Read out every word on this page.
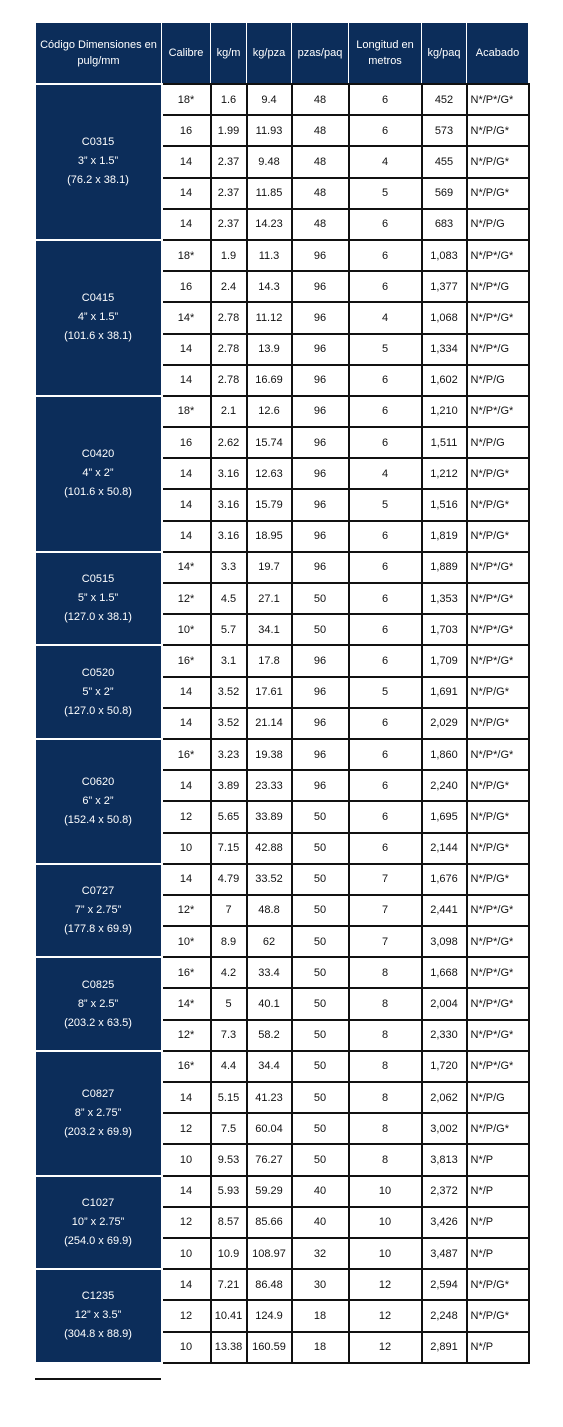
Código Dimensiones en pulg/mm	Calibre	kg/m	kg/pza	pzas/paq	Longitud en metros	kg/paq	Acabado

C0315
3” x 1.5”
(76.2 x 38.1)	18*	1.6	9.4	48	6	452	N*/P*/G*
	16	1.99	11.93	48	6	573	N*/P/G*
	14	2.37	9.48	48	4	455	N*/P/G*
	14	2.37	11.85	48	5	569	N*/P/G*
	14	2.37	14.23	48	6	683	N*/P/G

C0415
4” x 1.5”
(101.6 x 38.1)	18*	1.9	11.3	96	6	1,083	N*/P*/G*
	16	2.4	14.3	96	6	1,377	N*/P*/G
	14*	2.78	11.12	96	4	1,068	N*/P*/G*
	14	2.78	13.9	96	5	1,334	N*/P*/G
	14	2.78	16.69	96	6	1,602	N*/P/G

C0420
4” x 2”
(101.6 x 50.8)	18*	2.1	12.6	96	6	1,210	N*/P*/G*
	16	2.62	15.74	96	6	1,511	N*/P/G
	14	3.16	12.63	96	4	1,212	N*/P/G*
	14	3.16	15.79	96	5	1,516	N*/P/G*
	14	3.16	18.95	96	6	1,819	N*/P/G*

C0515
5” x 1.5”
(127.0 x 38.1)	14*	3.3	19.7	96	6	1,889	N*/P*/G*
	12*	4.5	27.1	50	6	1,353	N*/P*/G*
	10*	5.7	34.1	50	6	1,703	N*/P*/G*

C0520
5” x 2”
(127.0 x 50.8)	16*	3.1	17.8	96	6	1,709	N*/P*/G*
	14	3.52	17.61	96	5	1,691	N*/P/G*
	14	3.52	21.14	96	6	2,029	N*/P/G*

C0620
6” x 2”
(152.4 x 50.8)	16*	3.23	19.38	96	6	1,860	N*/P*/G*
	14	3.89	23.33	96	6	2,240	N*/P/G*
	12	5.65	33.89	50	6	1,695	N*/P/G*
	10	7.15	42.88	50	6	2,144	N*/P/G*

C0727
7” x 2.75”
(177.8 x 69.9)	14	4.79	33.52	50	7	1,676	N*/P/G*
	12*	7	48.8	50	7	2,441	N*/P*/G*
	10*	8.9	62	50	7	3,098	N*/P*/G*

C0825
8” x 2.5”
(203.2 x 63.5)	16*	4.2	33.4	50	8	1,668	N*/P*/G*
	14*	5	40.1	50	8	2,004	N*/P*/G*
	12*	7.3	58.2	50	8	2,330	N*/P*/G*

C0827
8” x 2.75”
(203.2 x 69.9)	16*	4.4	34.4	50	8	1,720	N*/P*/G*
	14	5.15	41.23	50	8	2,062	N*/P/G
	12	7.5	60.04	50	8	3,002	N*/P/G*
	10	9.53	76.27	50	8	3,813	N*/P

C1027
10” x 2.75”
(254.0 x 69.9)	14	5.93	59.29	40	10	2,372	N*/P
	12	8.57	85.66	40	10	3,426	N*/P
	10	10.9	108.97	32	10	3,487	N*/P

C1235
12” x 3.5”
(304.8 x 88.9)	14	7.21	86.48	30	12	2,594	N*/P/G*
	12	10.41	124.9	18	12	2,248	N*/P/G*
	10	13.38	160.59	18	12	2,891	N*/P
